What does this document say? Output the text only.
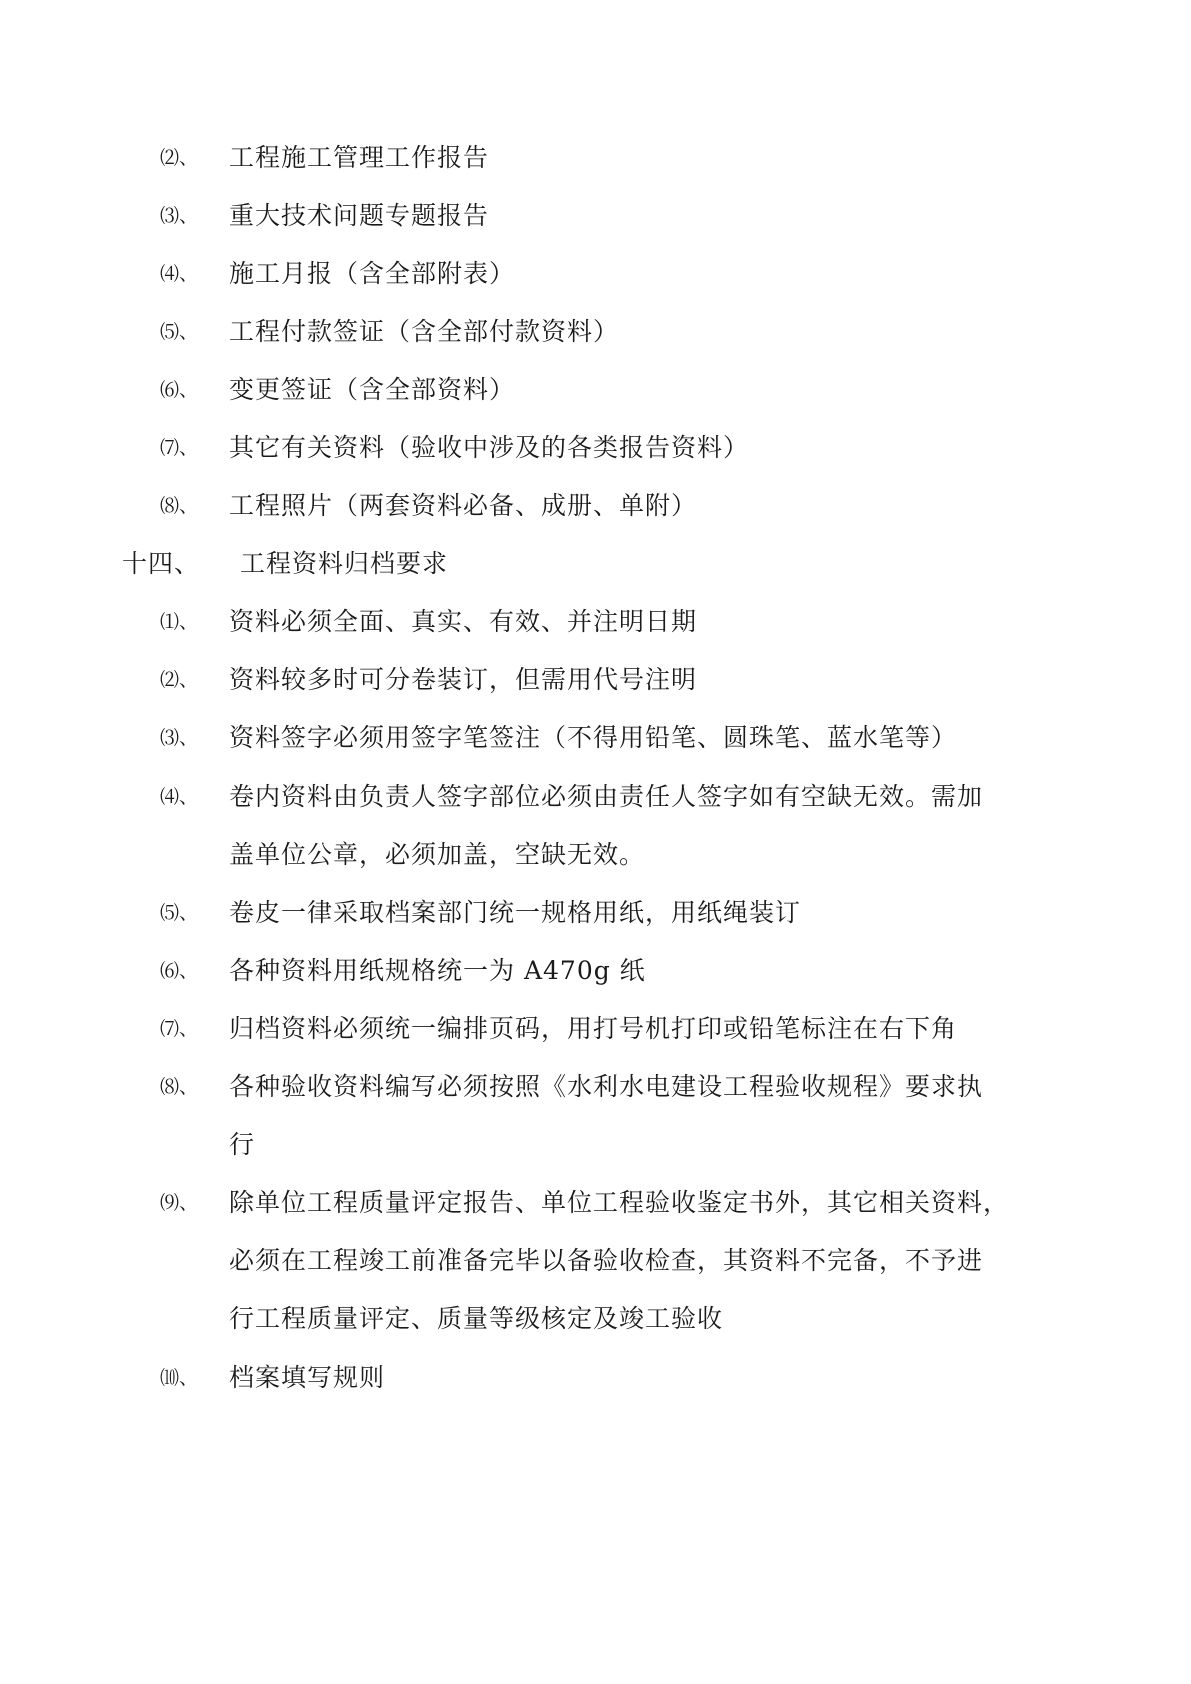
⑵、 工程施工管理工作报告
⑶、 重大技术问题专题报告
⑷、 施工月报（含全部附表）
⑸、 工程付款签证（含全部付款资料）
⑹、 变更签证（含全部资料）
⑺、 其它有关资料（验收中涉及的各类报告资料）
⑻、 工程照片（两套资料必备、成册、单附）
十四、 工程资料归档要求
⑴、 资料必须全面、真实、有效、并注明日期
⑵、 资料较多时可分卷装订，但需用代号注明
⑶、 资料签字必须用签字笔签注（不得用铅笔、圆珠笔、蓝水笔等）
⑷、 卷内资料由负责人签字部位必须由责任人签字如有空缺无效。需加
盖单位公章，必须加盖，空缺无效。
⑸、 卷皮一律采取档案部门统一规格用纸，用纸绳装订
⑹、 各种资料用纸规格统一为 A470g 纸
⑺、 归档资料必须统一编排页码，用打号机打印或铅笔标注在右下角
⑻、 各种验收资料编写必须按照《水利水电建设工程验收规程》要求执
行
⑼、 除单位工程质量评定报告、单位工程验收鉴定书外，其它相关资料，
必须在工程竣工前准备完毕以备验收检查，其资料不完备，不予进
行工程质量评定、质量等级核定及竣工验收
⑽、 档案填写规则
